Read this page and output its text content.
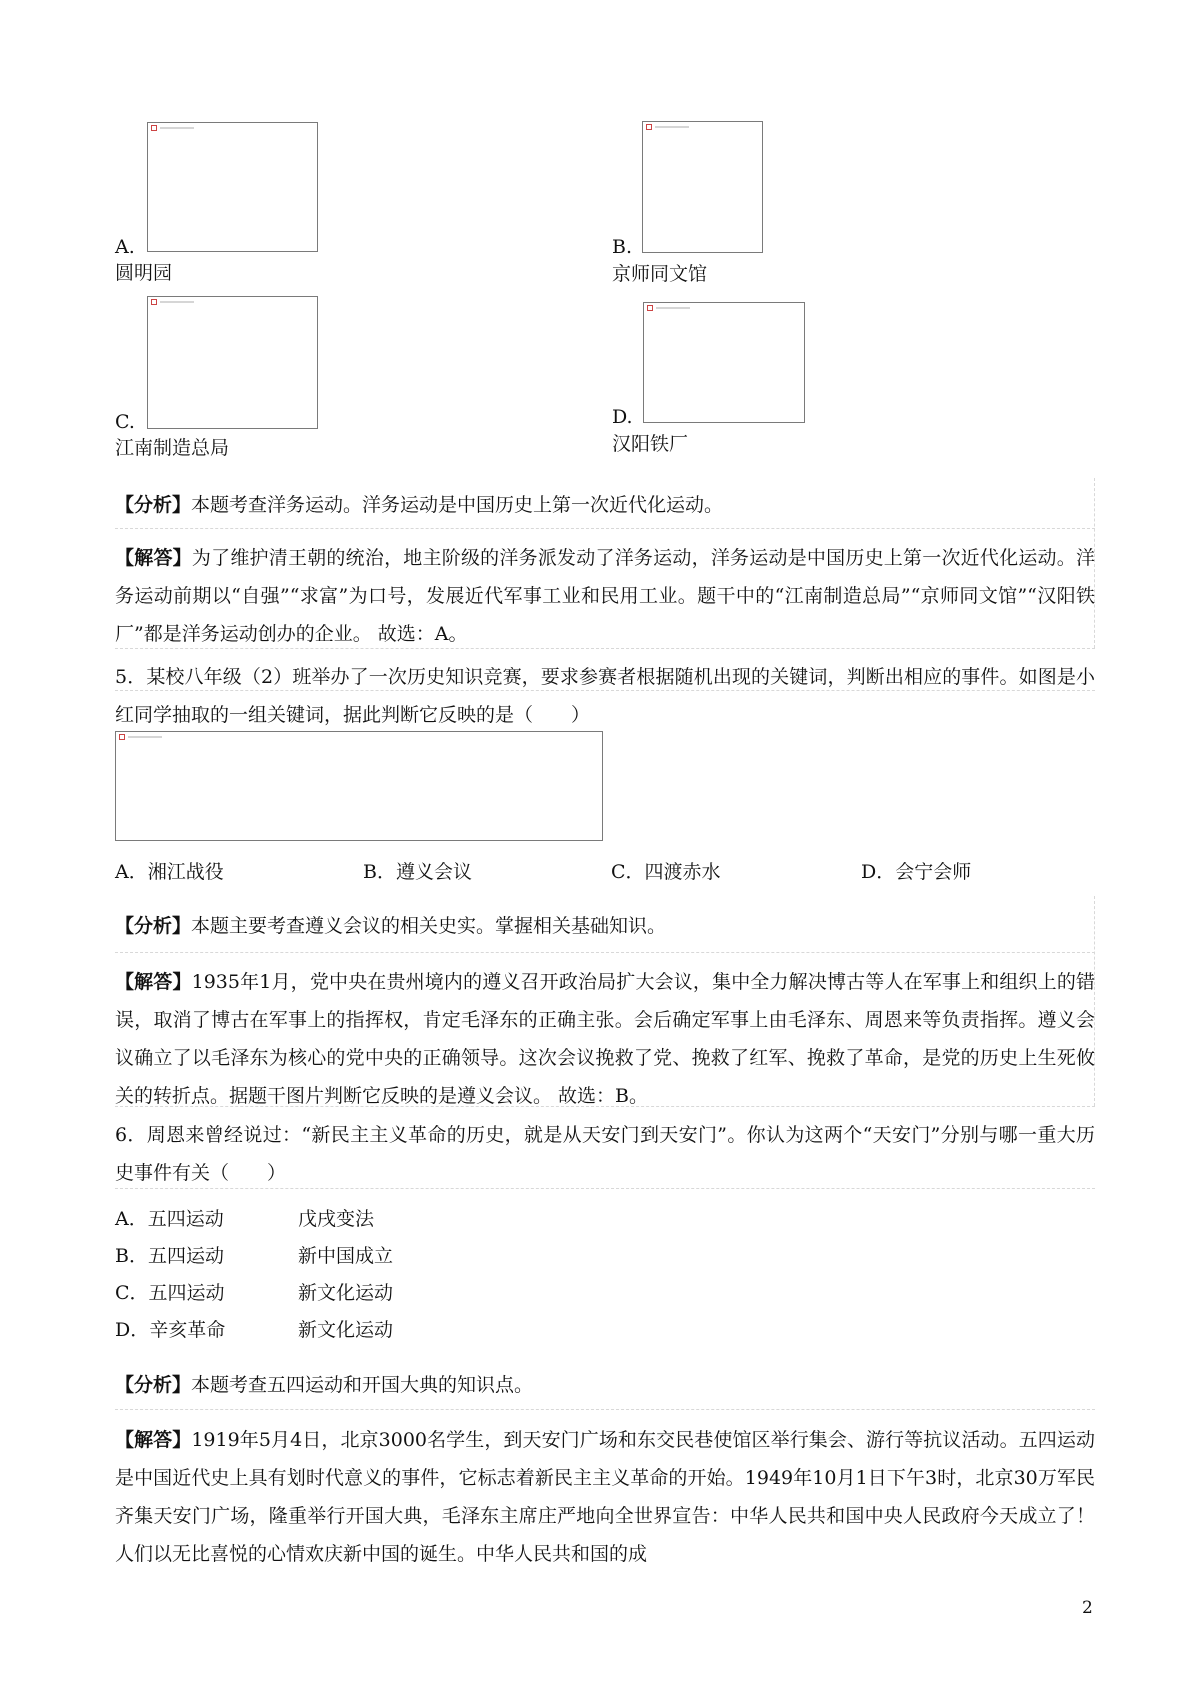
A.
圆明园
B.
京师同文馆
C.
江南制造总局
D.
汉阳铁厂
【分析】本题考查洋务运动。洋务运动是中国历史上第一次近代化运动。
【解答】为了维护清王朝的统治，地主阶级的洋务派发动了洋务运动，洋务运动是中国历史上第一次近代化运动。洋务运动前期以“自强”“求富”为口号，发展近代军事工业和民用工业。题干中的“江南制造总局”“京师同文馆”“汉阳铁厂”都是洋务运动创办的企业。 故选：A。
5．某校八年级（2）班举办了一次历史知识竞赛，要求参赛者根据随机出现的关键词，判断出相应的事件。如图是小红同学抽取的一组关键词，据此判断它反映的是（　　）
A．湘江战役	B．遵义会议	C．四渡赤水	D．会宁会师
【分析】本题主要考查遵义会议的相关史实。掌握相关基础知识。
【解答】1935年1月，党中央在贵州境内的遵义召开政治局扩大会议，集中全力解决博古等人在军事上和组织上的错误，取消了博古在军事上的指挥权，肯定毛泽东的正确主张。会后确定军事上由毛泽东、周恩来等负责指挥。遵义会议确立了以毛泽东为核心的党中央的正确领导。这次会议挽救了党、挽救了红军、挽救了革命，是党的历史上生死攸关的转折点。据题干图片判断它反映的是遵义会议。 故选：B。
6．周恩来曾经说过：“新民主主义革命的历史，就是从天安门到天安门”。你认为这两个“天安门”分别与哪一重大历史事件有关（　　）
A．五四运动	戊戌变法
B．五四运动	新中国成立
C．五四运动	新文化运动
D．辛亥革命	新文化运动
【分析】本题考查五四运动和开国大典的知识点。
【解答】1919年5月4日，北京3000名学生，到天安门广场和东交民巷使馆区举行集会、游行等抗议活动。五四运动是中国近代史上具有划时代意义的事件，它标志着新民主主义革命的开始。1949年10月1日下午3时，北京30万军民齐集天安门广场，隆重举行开国大典，毛泽东主席庄严地向全世界宣告：中华人民共和国中央人民政府今天成立了！人们以无比喜悦的心情欢庆新中国的诞生。中华人民共和国的成
2
